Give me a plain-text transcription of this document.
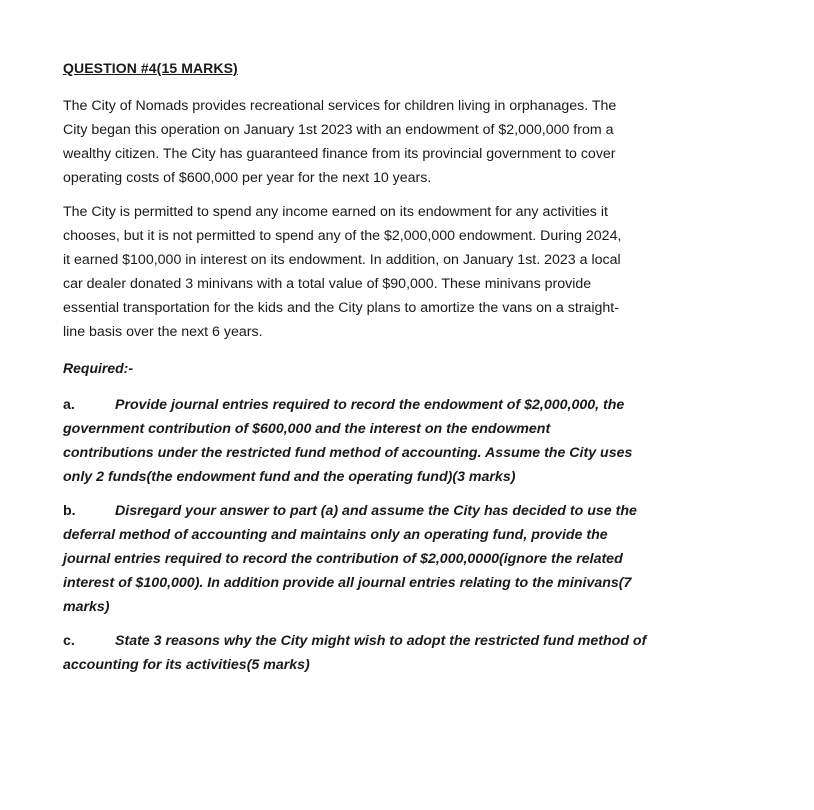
QUESTION #4(15 MARKS)

The City of Nomads provides recreational services for children living in orphanages. The

City began this operation on January 1st 2023 with an endowment of $2,000,000 from a

wealthy citizen. The City has guaranteed finance from its provincial government to cover

operating costs of $600,000 per year for the next 10 years.

The City is permitted to spend any income earned on its endowment for any activities it

chooses, but it is not permitted to spend any of the $2,000,000 endowment. During 2024,

it earned $100,000 in interest on its endowment. In addition, on January 1st. 2023 a local

car dealer donated 3 minivans with a total value of $90,000. These minivans provide

essential transportation for the kids and the City plans to amortize the vans on a straight-

line basis over the next 6 years.

Required:-
a.	Provide journal entries required to record the endowment of $2,000,000, the
government contribution of $600,000 and the interest on the endowment
contributions under the restricted fund method of accounting. Assume the City uses
only 2 funds(the endowment fund and the operating fund)(3 marks)
b.	Disregard your answer to part (a) and assume the City has decided to use the
deferral method of accounting and maintains only an operating fund, provide the
journal entries required to record the contribution of $2,000,0000(ignore the related
interest of $100,000). In addition provide all journal entries relating to the minivans(7
marks)
c.	State 3 reasons why the City might wish to adopt the restricted fund method of
accounting for its activities(5 marks)
